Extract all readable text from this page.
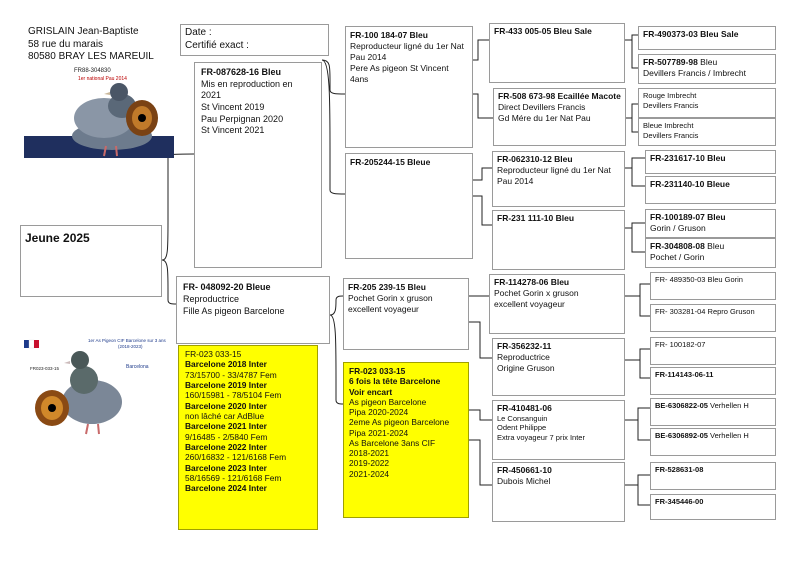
GRISLAIN Jean-Baptiste
58 rue du marais
80580 BRAY LES MAREUIL
Date :
Certifié exact :
FR88-304830
1er national Pau 2014
Jeune 2025
1er As Pigeon CIF Barcelone sur 3 ans
(2018-2023)
FR023-033-15	Barcelona
FR-087628-16 Bleu
Mis en reproduction en 2021
St Vincent 2019
Pau Perpignan 2020
St Vincent 2021
FR- 048092-20 Bleue
Reproductrice
Fille As pigeon Barcelone
FR-023 033-15
Barcelone 2018 Inter
73/15700 - 33/4787 Fem
Barcelone 2019 Inter
160/15981 - 78/5104 Fem
Barcelone 2020 Inter
non lâché car AdBlue
Barcelone 2021 Inter
9/16485 - 2/5840 Fem
Barcelone 2022 Inter
260/16832 - 121/6168 Fem
Barcelone 2023 Inter
58/16569 - 121/6168 Fem
Barcelone 2024 Inter
FR-100 184-07 Bleu
Reproducteur ligné du 1er Nat Pau 2014
Pere As pigeon St Vincent 4ans
FR-205244-15 Bleue
FR-205 239-15 Bleu
Pochet Gorin x gruson
excellent voyageur
FR-023 033-15
6 fois la tête Barcelone
Voir encart
As pigeon Barcelone
Pipa 2020-2024
2eme As pigeon Barcelone
Pipa 2021-2024
As Barcelone 3ans CIF
2018-2021
2019-2022
2021-2024
FR-433 005-05 Bleu Sale
FR-508 673-98 Ecaillée Macote
Direct Devillers Francis
Gd Mére du 1er Nat Pau
FR-062310-12 Bleu
Reproducteur ligné du 1er Nat Pau 2014
FR-231 111-10 Bleu
FR-114278-06 Bleu
Pochet Gorin x gruson
excellent voyageur
FR-356232-11
Reproductrice
Origine Gruson
FR-410481-06
Le Consanguin
Odent Philippe
Extra voyageur 7 prix Inter
FR-450661-10
Dubois Michel
FR-490373-03 Bleu Sale
FR-507789-98 Bleu
Devillers Francis / Imbrecht
Rouge Imbrecht
Devillers Francis
Bleue Imbrecht
Devillers Francis
FR-231617-10 Bleu
FR-231140-10 Bleue
FR-100189-07 Bleu
Gorin / Gruson
FR-304808-08 Bleu
Pochet / Gorin
FR- 489350-03 Bleu Gorin
FR- 303281-04 Repro Gruson
FR- 100182-07
FR-114143-06-11
BE-6306822-05 Verhellen H
BE-6306892-05 Verhellen H
FR-528631-08
FR-345446-00
